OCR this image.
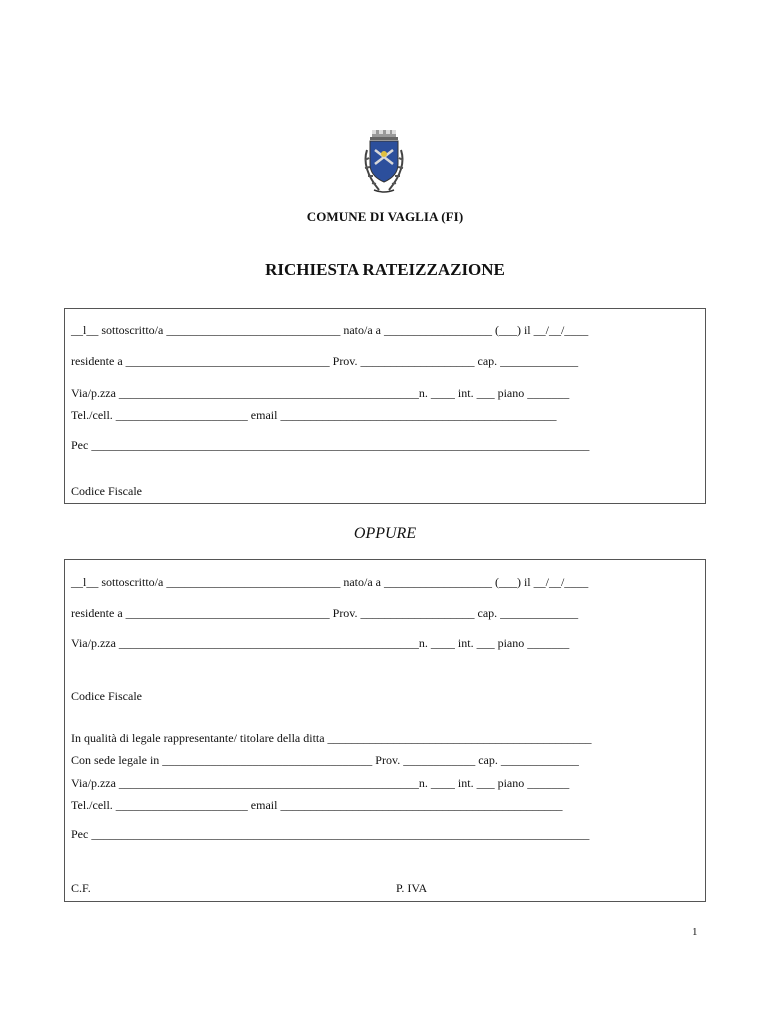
COMUNE DI VAGLIA (FI)
RICHIESTA RATEIZZAZIONE
__l__ sottoscritto/a _____________________________ nato/a a __________________ (___) il __/__/____
residente a __________________________________ Prov. ___________________ cap. _____________
Via/p.zza __________________________________________________n. ____ int. ___ piano _______
Tel./cell. ______________________ email ______________________________________________
Pec ___________________________________________________________________________________
Codice Fiscale
OPPURE
__l__ sottoscritto/a _____________________________ nato/a a __________________ (___) il __/__/____
residente a __________________________________ Prov. ___________________ cap. _____________
Via/p.zza __________________________________________________n. ____ int. ___ piano _______
Codice Fiscale
In qualità di legale rappresentante/ titolare della ditta ____________________________________________
Con sede legale in ___________________________________ Prov. ____________ cap. _____________
Via/p.zza __________________________________________________n. ____ int. ___ piano _______
Tel./cell. ______________________ email _______________________________________________
Pec ___________________________________________________________________________________
C.F.	P. IVA
1
